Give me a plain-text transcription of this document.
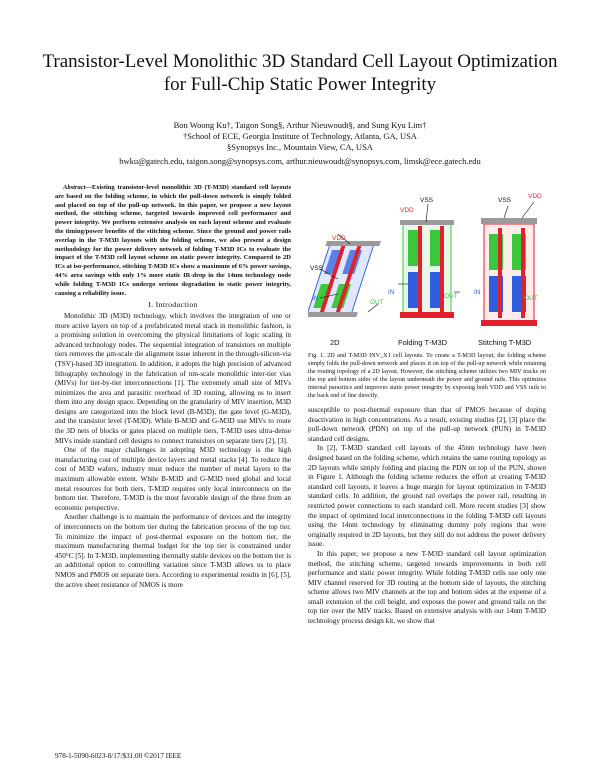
Transistor-Level Monolithic 3D Standard Cell Layout Optimization for Full-Chip Static Power Integrity
Bon Woong Ku†, Taigon Song§, Arthur Nieuwoudt§, and Sung Kyu Lim†
†School of ECE, Georgia Institute of Technology, Atlanta, GA, USA
§Synopsys Inc., Mountain View, CA, USA
bwku@gatech.edu, taigon.song@synopsys.com, arthur.nieuwoudt@synopsys.com, limsk@ece.gatech.edu

Abstract—Existing transistor-level monolithic 3D (T-M3D) standard cell layouts are based on the folding scheme, in which the pull-down network is simply folded and placed on top of the pull-up network. In this paper, we propose a new layout method, the stitching scheme, targeted towards improved cell performance and power integrity. We perform extensive analysis on each layout scheme and evaluate the timing/power benefits of the stitching scheme. Since the ground and power rails overlap in the T-M3D layouts with the folding scheme, we also present a design methodology for the power delivery network of folding T-M3D ICs to evaluate the impact of the T-M3D cell layout scheme on static power integrity. Compared to 2D ICs at iso-performance, stitching T-M3D ICs show a maximum of 6% power savings, 44% area savings with only 1% more static IR-drop in the 14nm technology node while folding T-M3D ICs undergo serious degradation in static power integrity, causing a reliability issue.

I. Introduction

Monolithic 3D (M3D) technology, which involves the integration of one or more active layers on top of a prefabricated metal stack in monolithic fashion, is a promising solution in overcoming the physical limitations of logic scaling in advanced technology nodes. The sequential integration of transistors on multiple tiers removes the µm-scale die alignment issue inherent in the through-silicon-via (TSV)-based 3D integration. In addition, it adopts the high precision of advanced lithography technology in the fabrication of nm-scale monolithic inter-tier vias (MIVs) for tier-by-tier interconnections [1]. The extremely small size of MIVs minimizes the area and parasitic overhead of 3D routing, allowing us to insert them into any design space. Depending on the granularity of MIV insertion, M3D designs are categorized into the block level (B-M3D), the gate level (G-M3D), and the transistor level (T-M3D). While B-M3D and G-M3D use MIVs to route the 3D nets of blocks or gates placed on multiple tiers, T-M3D uses ultra-dense MIVs inside standard cell designs to connect transistors on separate tiers [2], [3].

One of the major challenges in adopting M3D technology is the high manufacturing cost of multiple device layers and metal stacks [4]. To reduce the cost of M3D wafers, industry must reduce the number of metal layers to the maximum allowable extent. While B-M3D and G-M3D need global and local metal resources for both tiers, T-M3D requires only local interconnects on the bottom tier. Therefore, T-M3D is the most favorable design of the three from an economic perspective.

Another challenge is to maintain the performance of devices and the integrity of interconnects on the bottom tier during the fabrication process of the top tier. To minimize the impact of post-thermal exposure on the bottom tier, the maximum manufacturing thermal budget for the top tier is constrained under 450°C [5]. In T-M3D, implementing thermally stable devices on the bottom tier is an additional option to controlling variation since T-M3D allows us to place NMOS and PMOS on separate tiers. According to experimental results in [6], [5], the active sheet resistance of NMOS is more

VDD
VSS
IN
OUT
VSS
VDD
IN
OUT
VSS
VDD
IN
OUT
2D	Folding T-M3D	Stitching T-M3D
Fig. 1. 2D and T-M3D INV_X1 cell layouts. To create a T-M3D layout, the folding scheme simply folds the pull-down network and places it on top of the pull-up network while retaining the routing topology of a 2D layout. However, the stitching scheme utilizes two MIV tracks on the top and bottom sides of the layout underneath the power and ground rails. This optimizes internal parasitics and improves static power integrity by exposing both VDD and VSS rails to the back end of line directly.

susceptible to post-thermal exposure than that of PMOS because of doping deactivation in high concentrations. As a result, existing studies [2], [3] place the pull-down network (PDN) on top of the pull-up network (PUN) in T-M3D standard cell designs.

In [2], T-M3D standard cell layouts of the 45nm technology have been designed based on the folding scheme, which retains the same routing topology as 2D layouts while simply folding and placing the PDN on top of the PUN, shown in Figure 1. Although the folding scheme reduces the effort at creating T-M3D standard cell layouts, it leaves a huge margin for layout optimization in T-M3D standard cells. In addition, the ground rail overlaps the power rail, resulting in restricted power connections to each standard cell. More recent studies [3] show the impact of optimized local interconnections in the folding T-M3D cell layouts using the 14nm technology by eliminating dummy poly regions that were originally required in 2D layouts, but they still do not address the power delivery issue.

In this paper, we propose a new T-M3D standard cell layout optimization method, the stitching scheme, targeted towards improvements in both cell performance and static power integrity. While folding T-M3D cells use only one MIV channel reserved for 3D routing at the bottom side of layouts, the stitching scheme allows two MIV channels at the top and bottom sides at the expense of a small extension of the cell height, and exposes the power and ground rails on the top tier over the MIV tracks. Based on extensive analysis with our 14nm T-M3D technology process design kit, we show that

978-1-5090-6023-8/17/$31.00 ©2017 IEEE
